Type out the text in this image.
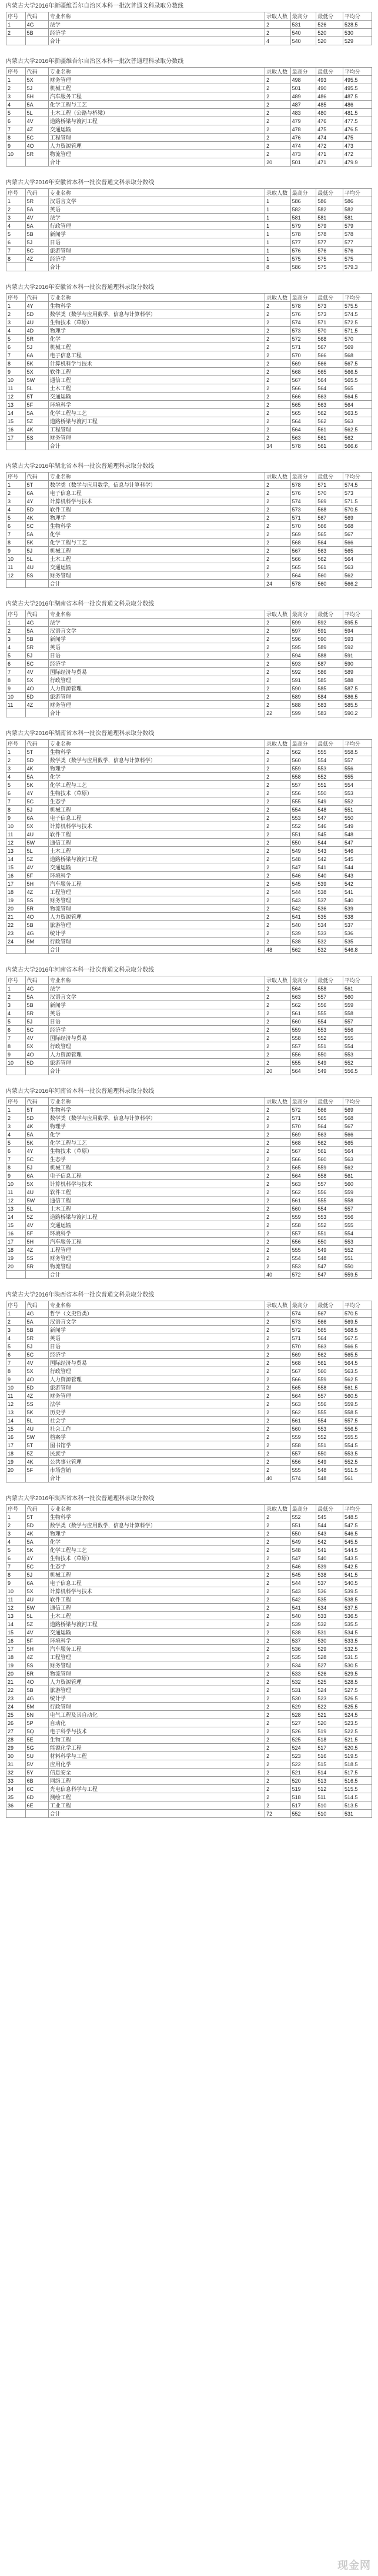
内蒙古大学2016年新疆维吾尔自治区本科一批次普通文科录取分数线
序号	代码	专业名称	录取人数	最高分	最低分	平均分

1	4G	法学	2	531	526	528.5
2	5B	经济学	2	540	520	530
		合计	4	540	520	529
内蒙古大学2016年新疆维吾尔自治区本科一批次普通理科录取分数线
序号	代码	专业名称	录取人数	最高分	最低分	平均分

1	5X	财务管理	2	498	493	495.5
2	5J	机械工程	2	501	490	495.5
3	5H	汽车服务工程	2	489	486	487.5
4	5A	化学工程与工艺	2	487	485	486
5	5L	土木工程（公路与桥梁）	2	483	480	481.5
6	4V	道路桥梁与渡河工程	2	479	476	477.5
7	4Z	交通运输	2	478	475	476.5
8	5C	工程管理	2	476	474	475
9	4O	人力资源管理	2	474	472	473
10	5R	物流管理	2	473	471	472
		合计	20	501	471	479.9
内蒙古大学2016年安徽省本科一批次普通文科录取分数线
序号	代码	专业名称	录取人数	最高分	最低分	平均分

1	5R	汉语言文学	1	586	586	586
2	5A	英语	1	582	582	582
3	4V	法学	1	581	581	581
4	5A	行政管理	1	579	579	579
5	5B	新闻学	1	578	578	578
6	5J	日语	1	577	577	577
7	5C	旅游管理	1	576	576	576
8	4Z	经济学	1	575	575	575
		合计	8	586	575	579.3
内蒙古大学2016年安徽省本科一批次普通理科录取分数线
序号	代码	专业名称	录取人数	最高分	最低分	平均分

1	4Y	生物科学	2	578	573	575.5
2	5D	数学类（数学与应用数学，信息与计算科学）	2	576	573	574.5
3	4U	生物技术（草原）	2	574	571	572.5
4	4D	物理学	2	573	570	571.5
5	5R	化学	2	572	568	570
6	5J	机械工程	2	571	567	569
7	6A	电子信息工程	2	570	566	568
8	5K	计算机科学与技术	2	569	566	567.5
9	5X	软件工程	2	568	565	566.5
10	5W	通信工程	2	567	564	565.5
11	5L	土木工程	2	566	564	565
12	5T	交通运输	2	566	563	564.5
13	5F	环境科学	2	565	563	564
14	5A	化学工程与工艺	2	565	562	563.5
15	5Z	道路桥梁与渡河工程	2	564	562	563
16	4K	工程管理	2	564	561	562.5
17	5S	财务管理	2	563	561	562
		合计	34	578	561	566.6
内蒙古大学2016年湖北省本科一批次普通理科录取分数线
序号	代码	专业名称	录取人数	最高分	最低分	平均分

1	5T	数学类（数学与应用数学，信息与计算科学）	2	578	571	574.5
2	6A	电子信息工程	2	576	570	573
3	4Y	计算机科学与技术	2	574	569	571.5
4	5D	软件工程	2	573	568	570.5
5	4K	物理学	2	571	567	569
6	5C	生物科学	2	570	566	568
7	5A	化学	2	569	565	567
8	5K	化学工程与工艺	2	568	564	566
9	5J	机械工程	2	567	563	565
10	5L	土木工程	2	566	562	564
11	4U	交通运输	2	565	561	563
12	5S	财务管理	2	564	560	562
		合计	24	578	560	566.2
内蒙古大学2016年湖南省本科一批次普通文科录取分数线
序号	代码	专业名称	录取人数	最高分	最低分	平均分

1	4G	法学	2	599	592	595.5
2	5A	汉语言文学	2	597	591	594
3	5B	新闻学	2	596	590	593
4	5R	英语	2	595	589	592
5	5J	日语	2	594	588	591
6	5C	经济学	2	593	587	590
7	4V	国际经济与贸易	2	592	586	589
8	5X	行政管理	2	591	585	588
9	4O	人力资源管理	2	590	585	587.5
10	5D	旅游管理	2	589	584	586.5
11	4Z	财务管理	2	588	583	585.5
		合计	22	599	583	590.2
内蒙古大学2016年湖南省本科一批次普通理科录取分数线
序号	代码	专业名称	录取人数	最高分	最低分	平均分

1	5T	生物科学	2	562	555	558.5
2	5D	数学类（数学与应用数学，信息与计算科学）	2	560	554	557
3	4K	物理学	2	559	553	556
4	5A	化学	2	558	552	555
5	5K	化学工程与工艺	2	557	551	554
6	4Y	生物技术（草原）	2	556	550	553
7	5C	生态学	2	555	549	552
8	5J	机械工程	2	554	548	551
9	6A	电子信息工程	2	553	547	550
10	5X	计算机科学与技术	2	552	546	549
11	4U	软件工程	2	551	545	548
12	5W	通信工程	2	550	544	547
13	5L	土木工程	2	549	543	546
14	5Z	道路桥梁与渡河工程	2	548	542	545
15	4V	交通运输	2	547	541	544
16	5F	环境科学	2	546	540	543
17	5H	汽车服务工程	2	545	539	542
18	4Z	工程管理	2	544	538	541
19	5S	财务管理	2	543	537	540
20	5R	物流管理	2	542	536	539
21	4O	人力资源管理	2	541	535	538
22	5B	旅游管理	2	540	534	537
23	4G	统计学	2	539	533	536
24	5M	行政管理	2	538	532	535
		合计	48	562	532	546.8
内蒙古大学2016年河南省本科一批次普通文科录取分数线
序号	代码	专业名称	录取人数	最高分	最低分	平均分

1	4G	法学	2	564	558	561
2	5A	汉语言文学	2	563	557	560
3	5B	新闻学	2	562	556	559
4	5R	英语	2	561	555	558
5	5J	日语	2	560	554	557
6	5C	经济学	2	559	553	556
7	4V	国际经济与贸易	2	558	552	555
8	5X	行政管理	2	557	551	554
9	4O	人力资源管理	2	556	550	553
10	5D	旅游管理	2	555	549	552
		合计	20	564	549	556.5
内蒙古大学2016年河南省本科一批次普通理科录取分数线
序号	代码	专业名称	录取人数	最高分	最低分	平均分

1	5T	生物科学	2	572	566	569
2	5D	数学类（数学与应用数学，信息与计算科学）	2	571	565	568
3	4K	物理学	2	570	564	567
4	5A	化学	2	569	563	566
5	5K	化学工程与工艺	2	568	562	565
6	4Y	生物技术（草原）	2	567	561	564
7	5C	生态学	2	566	560	563
8	5J	机械工程	2	565	559	562
9	6A	电子信息工程	2	564	558	561
10	5X	计算机科学与技术	2	563	557	560
11	4U	软件工程	2	562	556	559
12	5W	通信工程	2	561	555	558
13	5L	土木工程	2	560	554	557
14	5Z	道路桥梁与渡河工程	2	559	553	556
15	4V	交通运输	2	558	552	555
16	5F	环境科学	2	557	551	554
17	5H	汽车服务工程	2	556	550	553
18	4Z	工程管理	2	555	549	552
19	5S	财务管理	2	554	548	551
20	5R	物流管理	2	553	547	550
		合计	40	572	547	559.5
内蒙古大学2016年陕西省本科一批次普通文科录取分数线
序号	代码	专业名称	录取人数	最高分	最低分	平均分

1	4G	哲学（文史哲类）	2	574	567	570.5
2	5A	汉语言文学	2	573	566	569.5
3	5B	新闻学	2	572	565	568.5
4	5R	英语	2	571	564	567.5
5	5J	日语	2	570	563	566.5
6	5C	经济学	2	569	562	565.5
7	4V	国际经济与贸易	2	568	561	564.5
8	5X	行政管理	2	567	560	563.5
9	4O	人力资源管理	2	566	559	562.5
10	5D	旅游管理	2	565	558	561.5
11	4Z	财务管理	2	564	557	560.5
12	5S	法学	2	563	556	559.5
13	5K	历史学	2	562	555	558.5
14	5L	社会学	2	561	554	557.5
15	4U	社会工作	2	560	553	556.5
16	5W	档案学	2	559	552	555.5
17	5T	图书馆学	2	558	551	554.5
18	5Z	民族学	2	557	550	553.5
19	4K	公共事业管理	2	556	549	552.5
20	5F	市场营销	2	555	548	551.5
		合计	40	574	548	561
内蒙古大学2016年陕西省本科一批次普通理科录取分数线
序号	代码	专业名称	录取人数	最高分	最低分	平均分

1	5T	生物科学	2	552	545	548.5
2	5D	数学类（数学与应用数学，信息与计算科学）	2	551	544	547.5
3	4K	物理学	2	550	543	546.5
4	5A	化学	2	549	542	545.5
5	5K	化学工程与工艺	2	548	541	544.5
6	4Y	生物技术（草原）	2	547	540	543.5
7	5C	生态学	2	546	539	542.5
8	5J	机械工程	2	545	538	541.5
9	6A	电子信息工程	2	544	537	540.5
10	5X	计算机科学与技术	2	543	536	539.5
11	4U	软件工程	2	542	535	538.5
12	5W	通信工程	2	541	534	537.5
13	5L	土木工程	2	540	533	536.5
14	5Z	道路桥梁与渡河工程	2	539	532	535.5
15	4V	交通运输	2	538	531	534.5
16	5F	环境科学	2	537	530	533.5
17	5H	汽车服务工程	2	536	529	532.5
18	4Z	工程管理	2	535	528	531.5
19	5S	财务管理	2	534	527	530.5
20	5R	物流管理	2	533	526	529.5
21	4O	人力资源管理	2	532	525	528.5
22	5B	旅游管理	2	531	524	527.5
23	4G	统计学	2	530	523	526.5
24	5M	行政管理	2	529	522	525.5
25	5N	电气工程及其自动化	2	528	521	524.5
26	5P	自动化	2	527	520	523.5
27	5Q	电子科学与技术	2	526	519	522.5
28	5E	生物工程	2	525	518	521.5
29	5G	能源化学工程	2	524	517	520.5
30	5U	材料科学与工程	2	523	516	519.5
31	5V	应用化学	2	522	515	518.5
32	5Y	信息安全	2	521	514	517.5
33	6B	网络工程	2	520	513	516.5
34	6C	光电信息科学与工程	2	519	512	515.5
35	6D	测绘工程	2	518	511	514.5
36	6E	工业工程	2	517	510	513.5
		合计	72	552	510	531
现金网
